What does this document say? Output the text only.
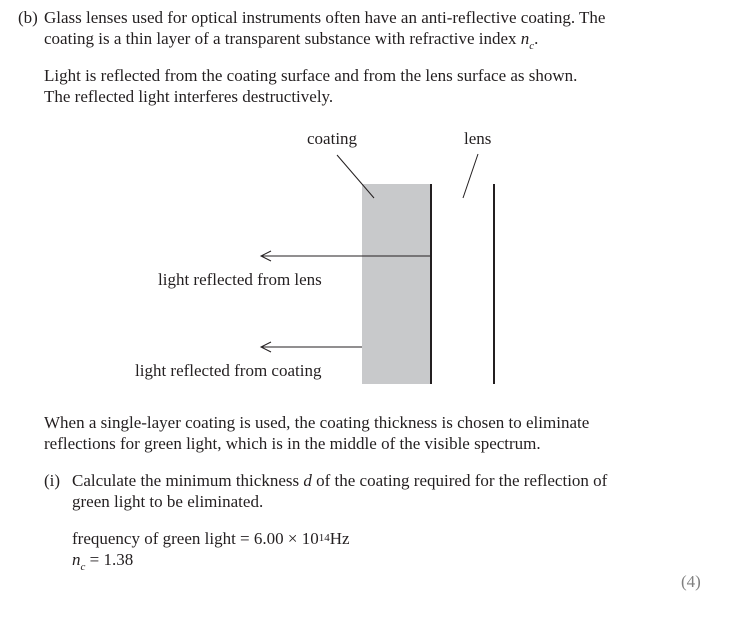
(b) Glass lenses used for optical instruments often have an anti-reflective coating. The
coating is a thin layer of a transparent substance with refractive index $n_c$.
Light is reflected from the coating surface and from the lens surface as shown.
The reflected light interferes destructively.
coating	lens
light reflected from lens
light reflected from coating
When a single-layer coating is used, the coating thickness is chosen to eliminate
reflections for green light, which is in the middle of the visible spectrum.
(i) Calculate the minimum thickness d of the coating required for the reflection of
green light to be eliminated.
frequency of green light = $6.00 \times 10^{14}Hz$
$n_c = 1.38$
(4)
